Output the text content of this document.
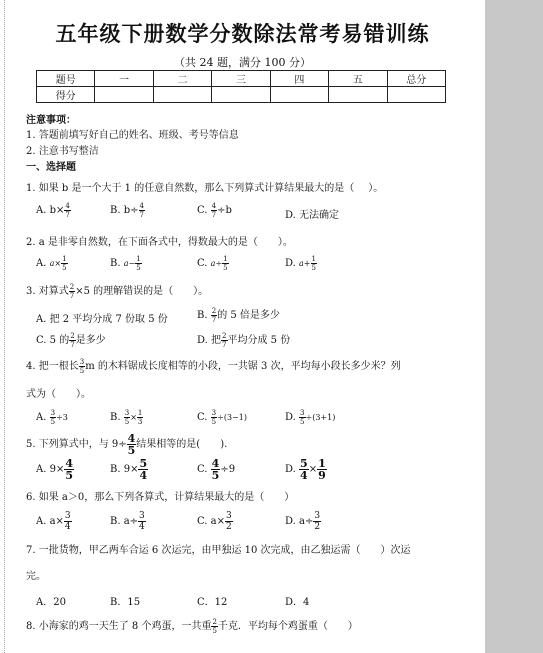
五年级下册数学分数除法常考易错训练
（共 24 题，满分 100 分）
题号	一	二	三	四	五	总分
得分						
注意事项：
1. 答题前填写好自己的姓名、班级、考号等信息
2. 注意书写整洁
一、选择题
1. 如果 b 是一个大于 1 的任意自然数，那么下列算式计算结果最大的是（ ）。
A. $b\times \frac{4}{7}$	B. $b\div \frac{4}{7}$	C. $\frac{4}{7} \div b$	D. 无法确定
2. a 是非零自然数，在下面各式中，得数最大的是（　　）。
A. $a\times \frac{1}{5}$	B. $a- \frac{1}{5}$	C. $a\div \frac{1}{5}$	D. $a+ \frac{1}{5}$
3. 对算式 $\frac{2}{7} \times 5$ 的理解错误的是（　　）。
A. 把 2 平均分成 7 份取 5 份	B. $\frac{2}{7}$ 的 5 倍是多少
C. 5 的 $\frac{2}{7}$ 是多少	D. 把 $\frac{2}{7}$ 平均分成 5 份
4. 把一根长 $\frac{3}{5}$ m 的木料锯成长度相等的小段，一共锯 3 次，平均每小段长多少米？列
式为（　　）。
A. $\frac{3}{5} \div 3$	B. $\frac{3}{5} \times \frac{1}{3}$	C. $\frac{3}{5} \div(3-1)$	D. $\frac{3}{5} \div(3+1)$
5. 下列算式中，与 $9\div \frac{4}{5}$ 结果相等的是(　　).
A. $9\times \frac{4}{5}$	B. $9\times \frac{5}{4}$	C. $\frac{4}{5} \div 9$	D. $\frac{5}{4} \times \frac{1}{9}$
6. 如果 a＞0，那么下列各算式，计算结果最大的是（　　）
A. $a\times \frac{3}{4}$	B. $a\div \frac{3}{4}$	C. $a\times \frac{3}{2}$	D. $a\div \frac{3}{2}$
7. 一批货物，甲乙两车合运 6 次运完，由甲独运 10 次完成，由乙独运需（　　）次运
完。
A．20	B．15	C．12	D．4
8. 小海家的鸡一天生了 8 个鸡蛋，一共重 $\frac{2}{5}$ 千克．平均每个鸡蛋重（　　）
